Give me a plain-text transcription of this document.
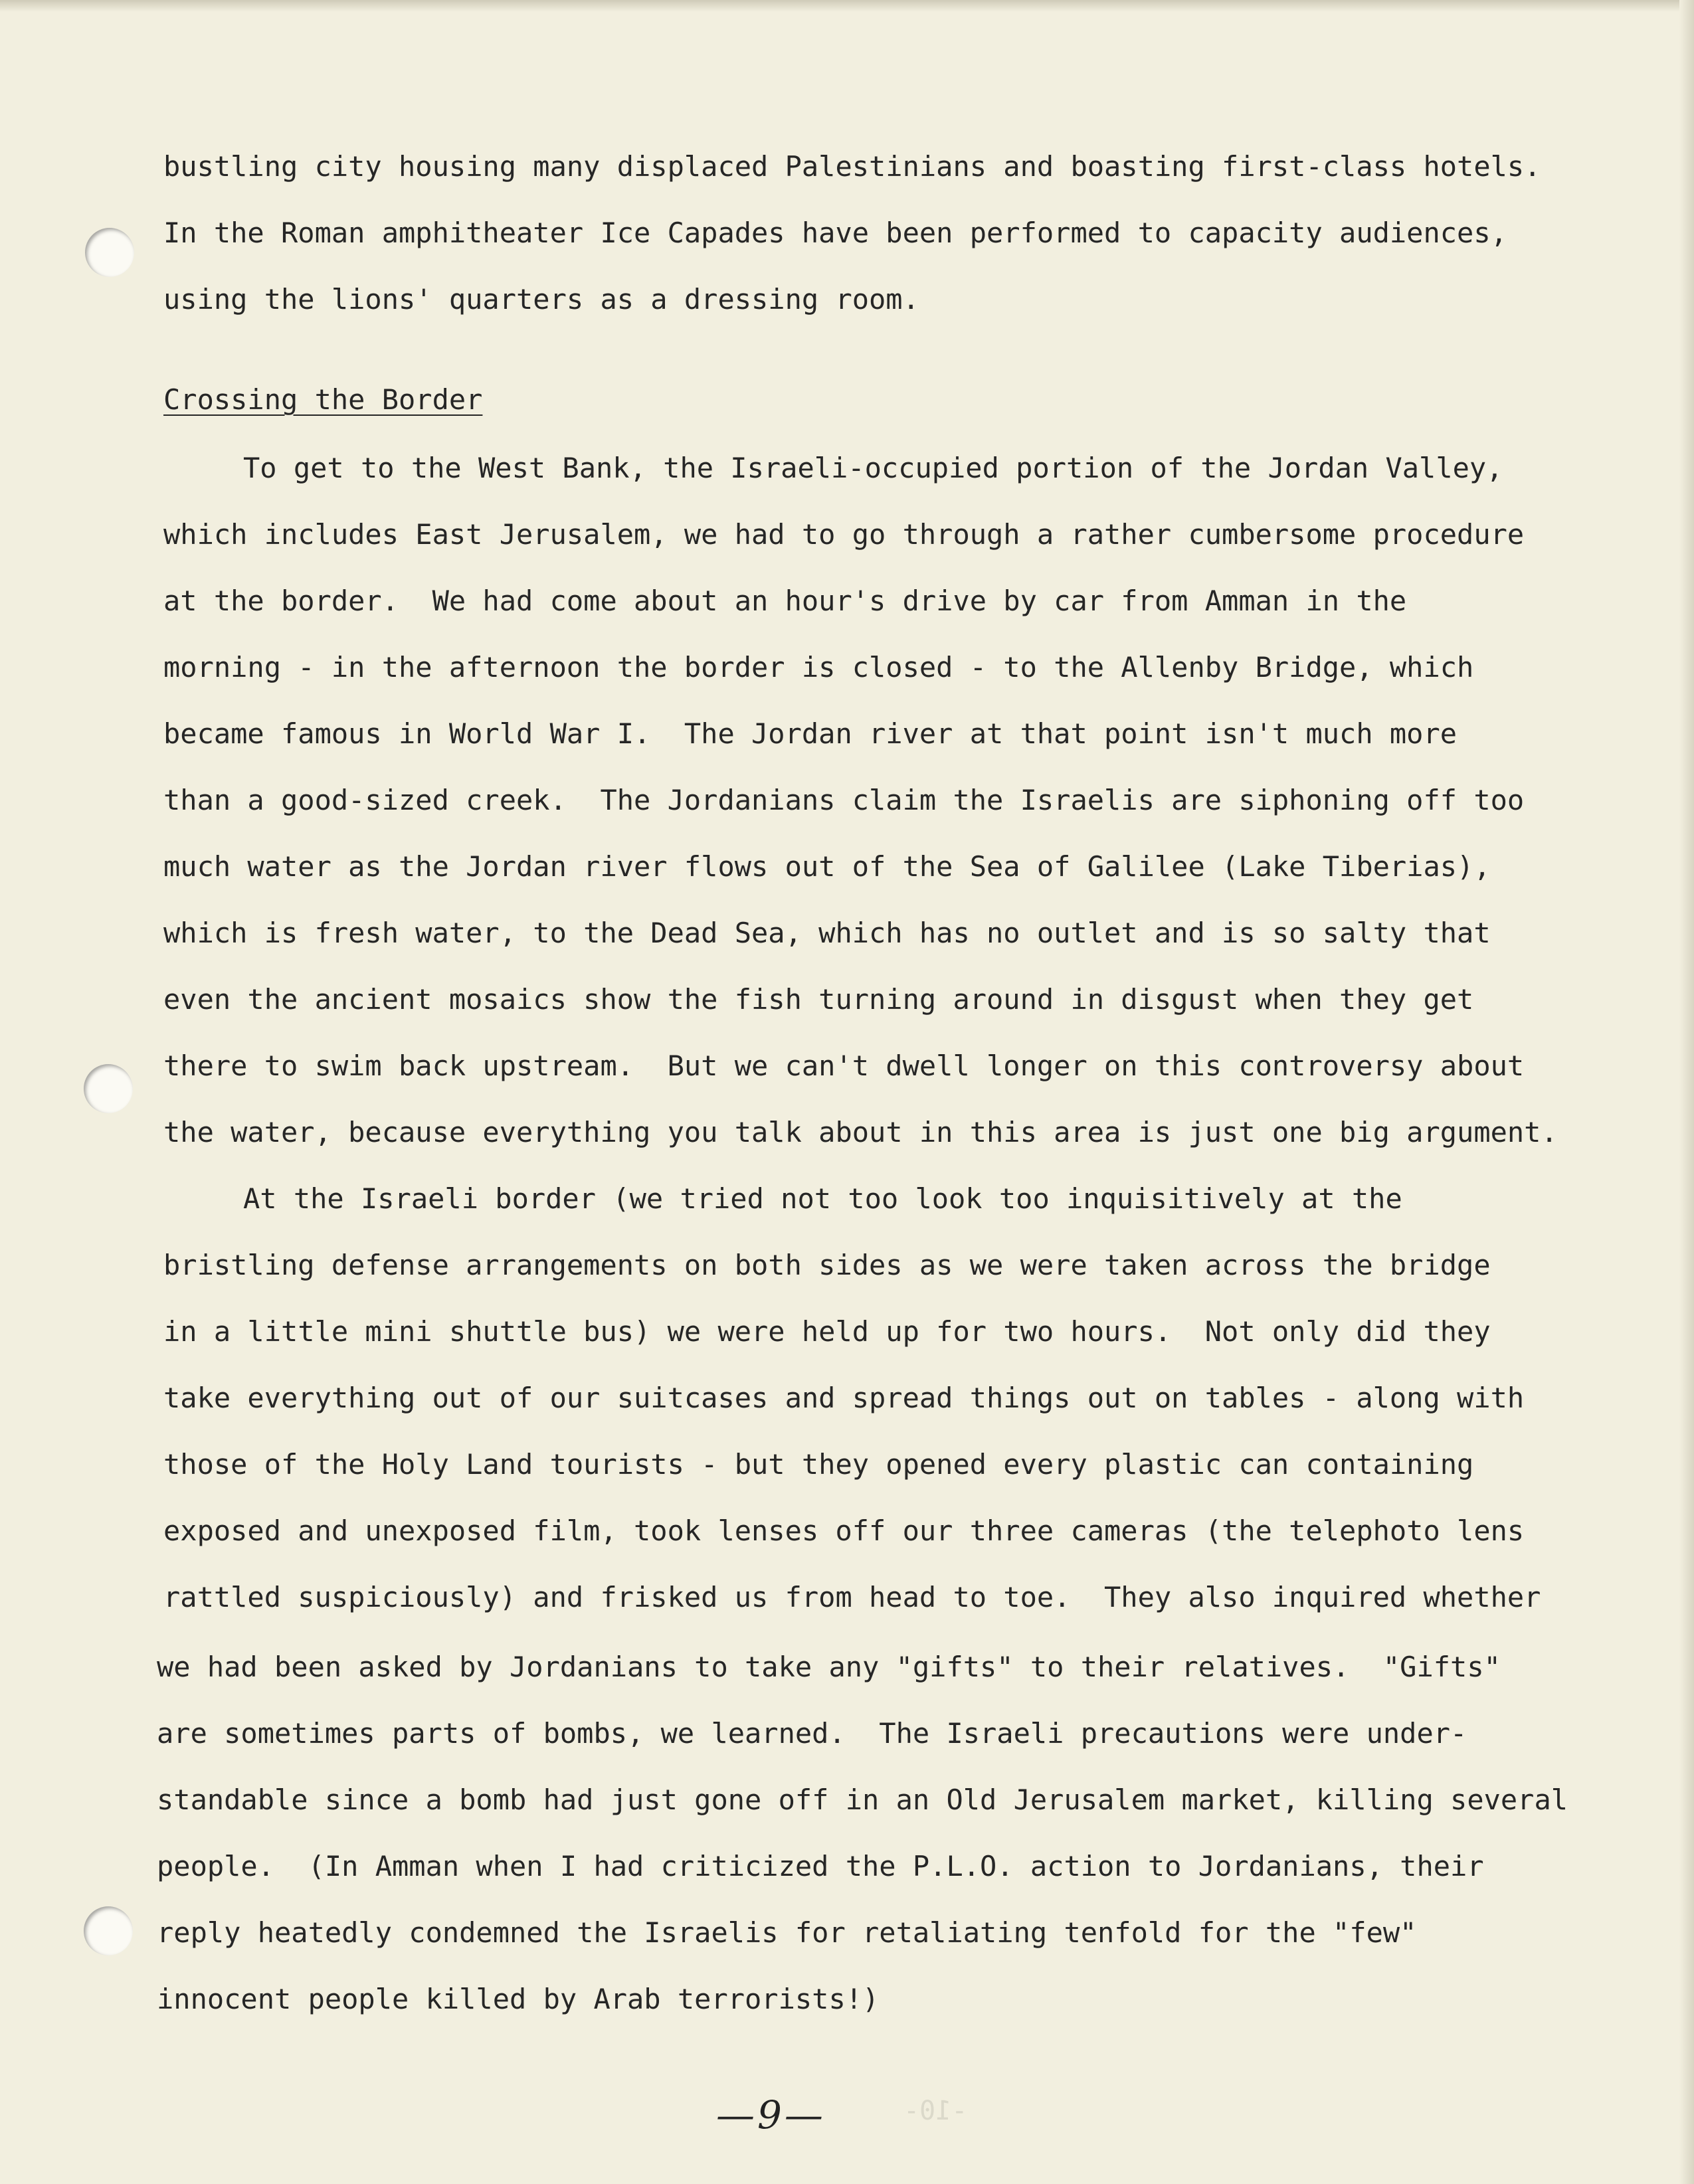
bustling city housing many displaced Palestinians and boasting first-class hotels.
In the Roman amphitheater Ice Capades have been performed to capacity audiences,
using the lions' quarters as a dressing room.
Crossing the Border
To get to the West Bank, the Israeli-occupied portion of the Jordan Valley,
which includes East Jerusalem, we had to go through a rather cumbersome procedure
at the border.  We had come about an hour's drive by car from Amman in the
morning - in the afternoon the border is closed - to the Allenby Bridge, which
became famous in World War I.  The Jordan river at that point isn't much more
than a good-sized creek.  The Jordanians claim the Israelis are siphoning off too
much water as the Jordan river flows out of the Sea of Galilee (Lake Tiberias),
which is fresh water, to the Dead Sea, which has no outlet and is so salty that
even the ancient mosaics show the fish turning around in disgust when they get
there to swim back upstream.  But we can't dwell longer on this controversy about
the water, because everything you talk about in this area is just one big argument.
At the Israeli border (we tried not too look too inquisitively at the
bristling defense arrangements on both sides as we were taken across the bridge
in a little mini shuttle bus) we were held up for two hours.  Not only did they
take everything out of our suitcases and spread things out on tables - along with
those of the Holy Land tourists - but they opened every plastic can containing
exposed and unexposed film, took lenses off our three cameras (the telephoto lens
rattled suspiciously) and frisked us from head to toe.  They also inquired whether
we had been asked by Jordanians to take any "gifts" to their relatives.  "Gifts"
are sometimes parts of bombs, we learned.  The Israeli precautions were under-
standable since a bomb had just gone off in an Old Jerusalem market, killing several
people.  (In Amman when I had criticized the P.L.O. action to Jordanians, their
reply heatedly condemned the Israelis for retaliating tenfold for the "few"
innocent people killed by Arab terrorists!)
—9—	-10-
